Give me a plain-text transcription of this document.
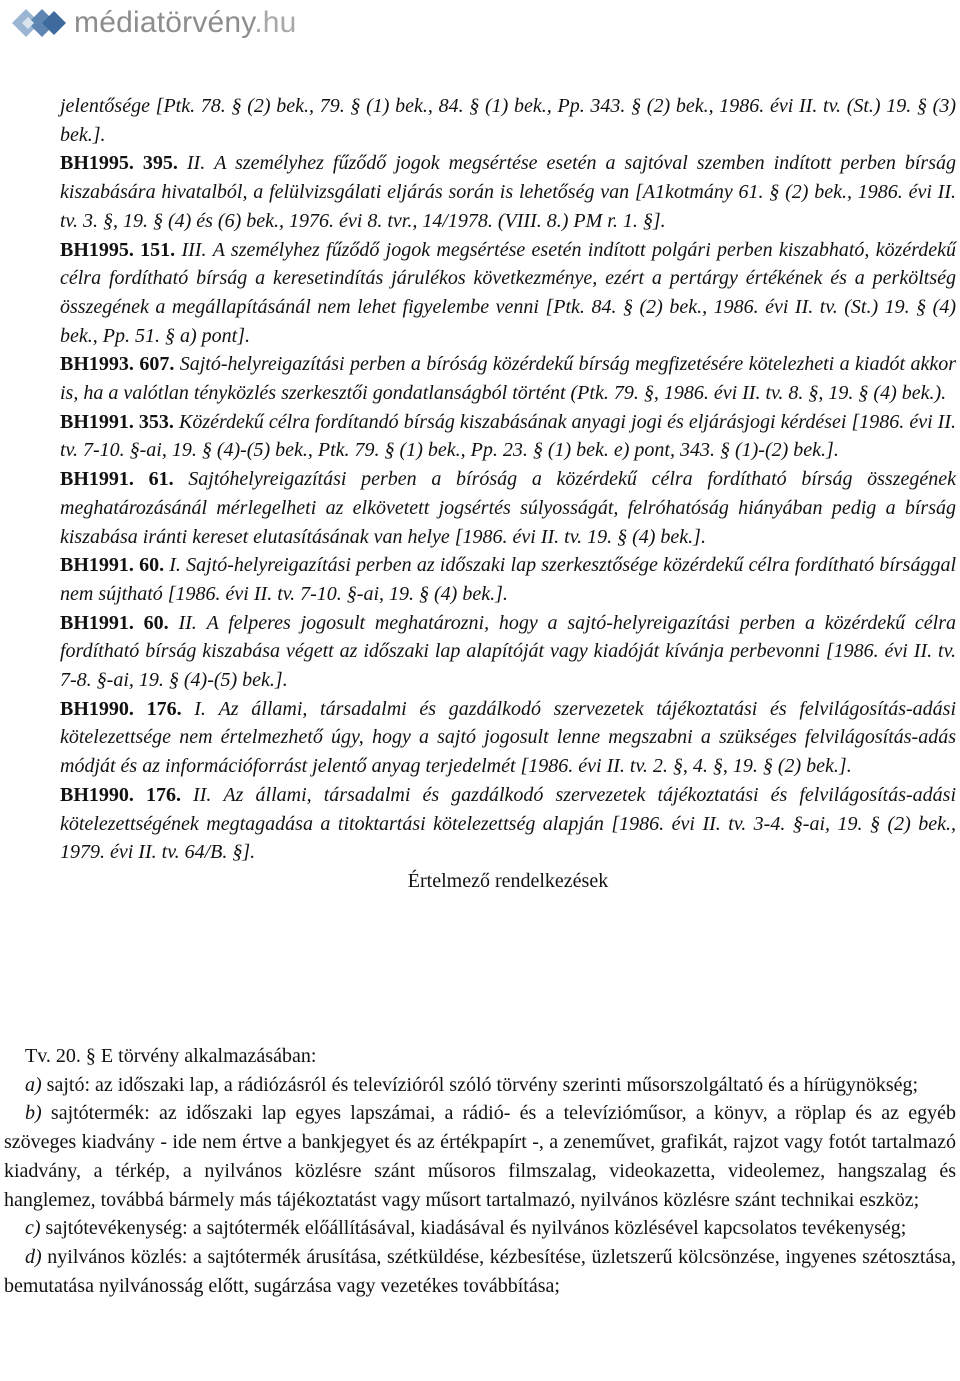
médiatörvény.hu

jelentősége [Ptk. 78. § (2) bek., 79. § (1) bek., 84. § (1) bek., Pp. 343. § (2) bek., 1986. évi II. tv. (St.) 19. § (3) bek.].

BH1995. 395. II. A személyhez fűződő jogok megsértése esetén a sajtóval szemben indított perben bírság kiszabására hivatalból, a felülvizsgálati eljárás során is lehetőség van [A1kotmány 61. § (2) bek., 1986. évi II. tv. 3. §, 19. § (4) és (6) bek., 1976. évi 8. tvr., 14/1978. (VIII. 8.) PM r. 1. §].

BH1995. 151. III. A személyhez fűződő jogok megsértése esetén indított polgári perben kiszabható, közérdekű célra fordítható bírság a keresetindítás járulékos következménye, ezért a pertárgy értékének és a perköltség összegének a megállapításánál nem lehet figyelembe venni [Ptk. 84. § (2) bek., 1986. évi II. tv. (St.) 19. § (4) bek., Pp. 51. § a) pont].

BH1993. 607. Sajtó-helyreigazítási perben a bíróság közérdekű bírság megfizetésére kötelezheti a kiadót akkor is, ha a valótlan tényközlés szerkesztői gondatlanságból történt (Ptk. 79. §, 1986. évi II. tv. 8. §, 19. § (4) bek.).

BH1991. 353. Közérdekű célra fordítandó bírság kiszabásának anyagi jogi és eljárásjogi kérdései [1986. évi II. tv. 7-10. §-ai, 19. § (4)-(5) bek., Ptk. 79. § (1) bek., Pp. 23. § (1) bek. e) pont, 343. § (1)-(2) bek.].

BH1991. 61. Sajtóhelyreigazítási perben a bíróság a közérdekű célra fordítható bírság összegének meghatározásánál mérlegelheti az elkövetett jogsértés súlyosságát, felróhatóság hiányában pedig a bírság kiszabása iránti kereset elutasításának van helye [1986. évi II. tv. 19. § (4) bek.].

BH1991. 60. I. Sajtó-helyreigazítási perben az időszaki lap szerkesztősége közérdekű célra fordítható bírsággal nem sújtható [1986. évi II. tv. 7-10. §-ai, 19. § (4) bek.].

BH1991. 60. II. A felperes jogosult meghatározni, hogy a sajtó-helyreigazítási perben a közérdekű célra fordítható bírság kiszabása végett az időszaki lap alapítóját vagy kiadóját kívánja perbevonni [1986. évi II. tv. 7-8. §-ai, 19. § (4)-(5) bek.].

BH1990. 176. I. Az állami, társadalmi és gazdálkodó szervezetek tájékoztatási és felvilágosítás-adási kötelezettsége nem értelmezhető úgy, hogy a sajtó jogosult lenne megszabni a szükséges felvilágosítás-adás módját és az információforrást jelentő anyag terjedelmét [1986. évi II. tv. 2. §, 4. §, 19. § (2) bek.].

BH1990. 176. II. Az állami, társadalmi és gazdálkodó szervezetek tájékoztatási és felvilágosítás-adási kötelezettségének megtagadása a titoktartási kötelezettség alapján [1986. évi II. tv. 3-4. §-ai, 19. § (2) bek., 1979. évi II. tv. 64/B. §].

Értelmező rendelkezések

Tv. 20. § E törvény alkalmazásában:

a) sajtó: az időszaki lap, a rádiózásról és televízióról szóló törvény szerinti műsorszolgáltató és a hírügynökség;

b) sajtótermék: az időszaki lap egyes lapszámai, a rádió- és a televízióműsor, a könyv, a röplap és az egyéb szöveges kiadvány - ide nem értve a bankjegyet és az értékpapírt -, a zeneművet, grafikát, rajzot vagy fotót tartalmazó kiadvány, a térkép, a nyilvános közlésre szánt műsoros filmszalag, videokazetta, videolemez, hangszalag és hanglemez, továbbá bármely más tájékoztatást vagy műsort tartalmazó, nyilvános közlésre szánt technikai eszköz;

c) sajtótevékenység: a sajtótermék előállításával, kiadásával és nyilvános közlésével kapcsolatos tevékenység;

d) nyilvános közlés: a sajtótermék árusítása, szétküldése, kézbesítése, üzletszerű kölcsönzése, ingyenes szétosztása, bemutatása nyilvánosság előtt, sugárzása vagy vezetékes továbbítása;
